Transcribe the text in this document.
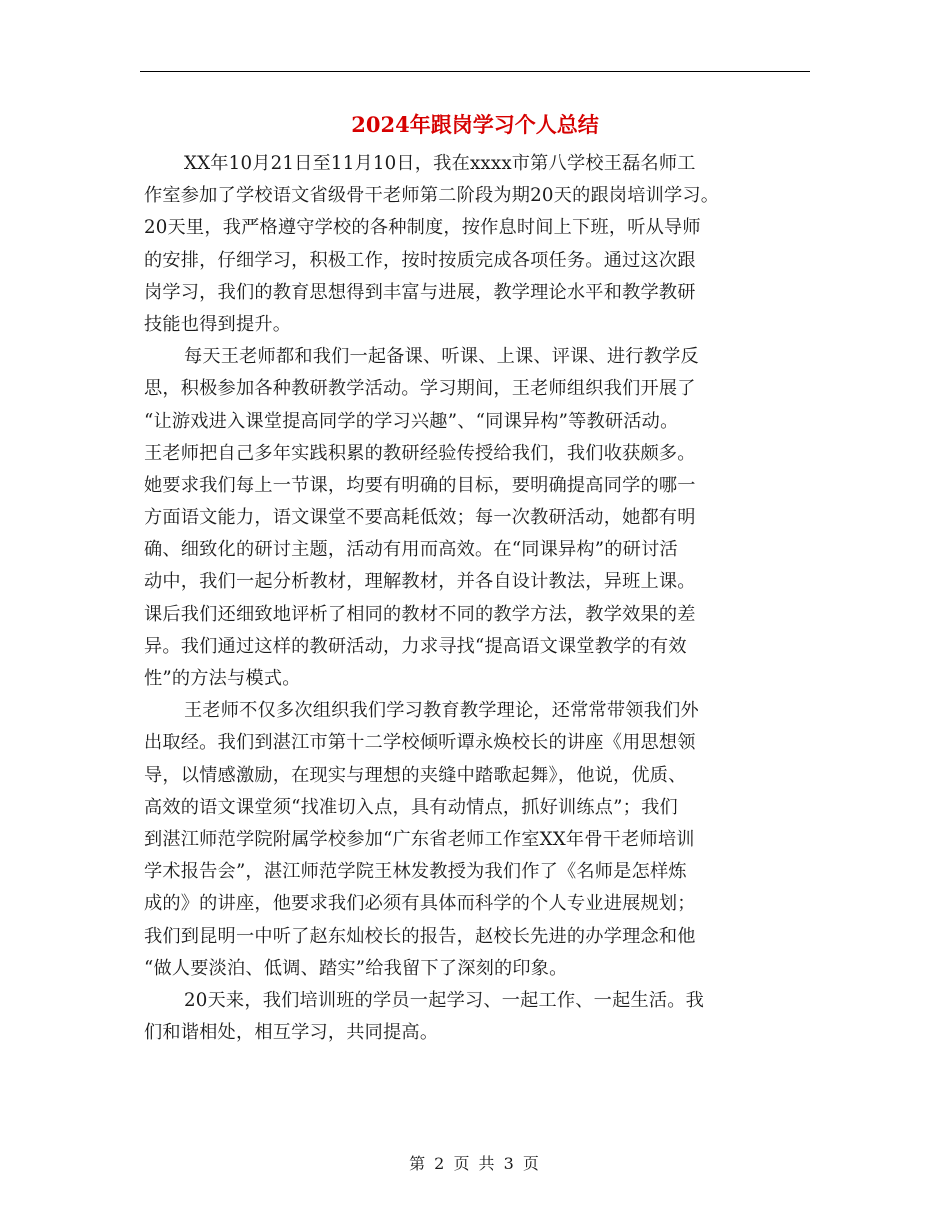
2024年跟岗学习个人总结
XX年10月21日至11月10日，我在xxxx市第八学校王磊名师工
作室参加了学校语文省级骨干老师第二阶段为期20天的跟岗培训学习。
20天里，我严格遵守学校的各种制度，按作息时间上下班，听从导师
的安排，仔细学习，积极工作，按时按质完成各项任务。通过这次跟
岗学习，我们的教育思想得到丰富与进展，教学理论水平和教学教研
技能也得到提升。
每天王老师都和我们一起备课、听课、上课、评课、进行教学反
思，积极参加各种教研教学活动。学习期间，王老师组织我们开展了
“让游戏进入课堂提高同学的学习兴趣”、“同课异构”等教研活动。
王老师把自己多年实践积累的教研经验传授给我们，我们收获颇多。
她要求我们每上一节课，均要有明确的目标，要明确提高同学的哪一
方面语文能力，语文课堂不要高耗低效；每一次教研活动，她都有明
确、细致化的研讨主题，活动有用而高效。在“同课异构”的研讨活
动中，我们一起分析教材，理解教材，并各自设计教法，异班上课。
课后我们还细致地评析了相同的教材不同的教学方法，教学效果的差
异。我们通过这样的教研活动，力求寻找“提高语文课堂教学的有效
性”的方法与模式。
王老师不仅多次组织我们学习教育教学理论，还常常带领我们外
出取经。我们到湛江市第十二学校倾听谭永焕校长的讲座《用思想领
导，以情感激励，在现实与理想的夹缝中踏歌起舞》，他说，优质、
高效的语文课堂须“找准切入点，具有动情点，抓好训练点”；我们
到湛江师范学院附属学校参加“广东省老师工作室XX年骨干老师培训
学术报告会”，湛江师范学院王林发教授为我们作了《名师是怎样炼
成的》的讲座，他要求我们必须有具体而科学的个人专业进展规划；
我们到昆明一中听了赵东灿校长的报告，赵校长先进的办学理念和他
“做人要淡泊、低调、踏实”给我留下了深刻的印象。
20天来，我们培训班的学员一起学习、一起工作、一起生活。我
们和谐相处，相互学习，共同提高。
第 2 页 共 3 页
